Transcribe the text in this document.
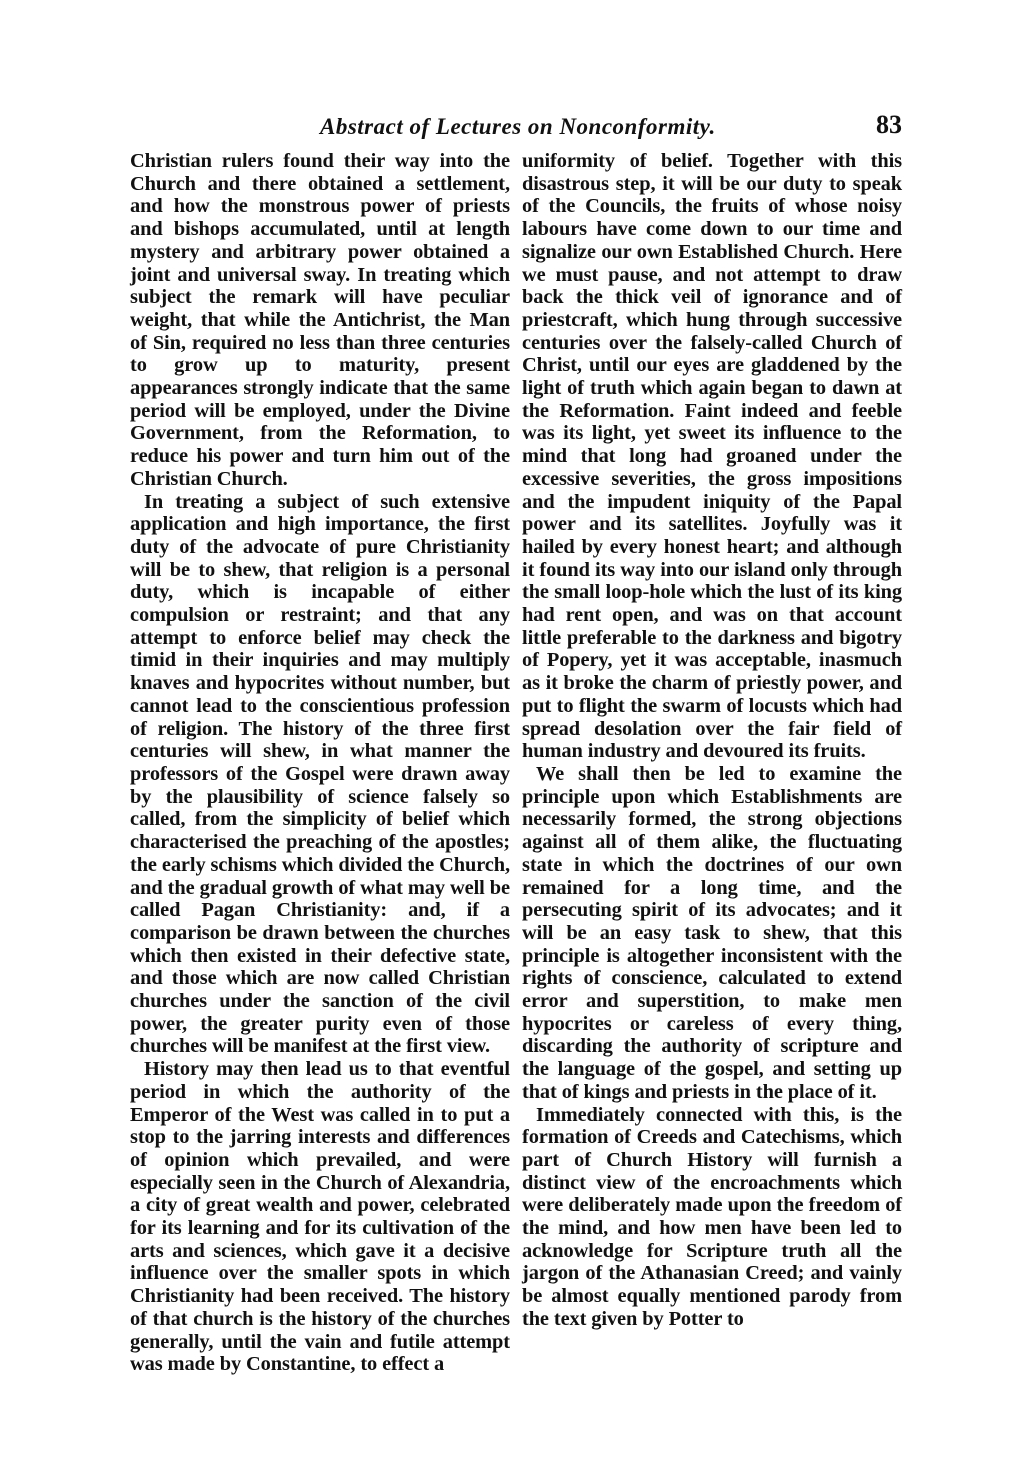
Abstract of Lectures on Nonconformity.	83

Christian rulers found their way into the Church and there obtained a settlement, and how the monstrous power of priests and bishops accumulated, until at length mystery and arbitrary power obtained a joint and universal sway. In treating which subject the remark will have peculiar weight, that while the Antichrist, the Man of Sin, required no less than three centuries to grow up to maturity, present appearances strongly indicate that the same period will be employed, under the Divine Government, from the Reformation, to reduce his power and turn him out of the Christian Church.

In treating a subject of such extensive application and high importance, the first duty of the advocate of pure Christianity will be to shew, that religion is a personal duty, which is incapable of either compulsion or restraint; and that any attempt to enforce belief may check the timid in their inquiries and may multiply knaves and hypocrites without number, but cannot lead to the conscientious profession of religion. The history of the three first centuries will shew, in what manner the professors of the Gospel were drawn away by the plausibility of science falsely so called, from the simplicity of belief which characterised the preaching of the apostles; the early schisms which divided the Church, and the gradual growth of what may well be called Pagan Christianity: and, if a comparison be drawn between the churches which then existed in their defective state, and those which are now called Christian churches under the sanction of the civil power, the greater purity even of those churches will be manifest at the first view.

History may then lead us to that eventful period in which the authority of the Emperor of the West was called in to put a stop to the jarring interests and differences of opinion which prevailed, and were especially seen in the Church of Alexandria, a city of great wealth and power, celebrated for its learning and for its cultivation of the arts and sciences, which gave it a decisive influence over the smaller spots in which Christianity had been received. The history of that church is the history of the churches generally, until the vain and futile attempt was made by Constantine, to effect a

uniformity of belief. Together with this disastrous step, it will be our duty to speak of the Councils, the fruits of whose noisy labours have come down to our time and signalize our own Established Church. Here we must pause, and not attempt to draw back the thick veil of ignorance and of priestcraft, which hung through successive centuries over the falsely-called Church of Christ, until our eyes are gladdened by the light of truth which again began to dawn at the Reformation. Faint indeed and feeble was its light, yet sweet its influence to the mind that long had groaned under the excessive severities, the gross impositions and the impudent iniquity of the Papal power and its satellites. Joyfully was it hailed by every honest heart; and although it found its way into our island only through the small loop-hole which the lust of its king had rent open, and was on that account little preferable to the darkness and bigotry of Popery, yet it was acceptable, inasmuch as it broke the charm of priestly power, and put to flight the swarm of locusts which had spread desolation over the fair field of human industry and devoured its fruits.

We shall then be led to examine the principle upon which Establishments are necessarily formed, the strong objections against all of them alike, the fluctuating state in which the doctrines of our own remained for a long time, and the persecuting spirit of its advocates; and it will be an easy task to shew, that this principle is altogether inconsistent with the rights of conscience, calculated to extend error and superstition, to make men hypocrites or careless of every thing, discarding the authority of scripture and the language of the gospel, and setting up that of kings and priests in the place of it.

Immediately connected with this, is the formation of Creeds and Catechisms, which part of Church History will furnish a distinct view of the encroachments which were deliberately made upon the freedom of the mind, and how men have been led to acknowledge for Scripture truth all the jargon of the Athanasian Creed; and vainly be almost equally mentioned parody from the text given by Potter to
